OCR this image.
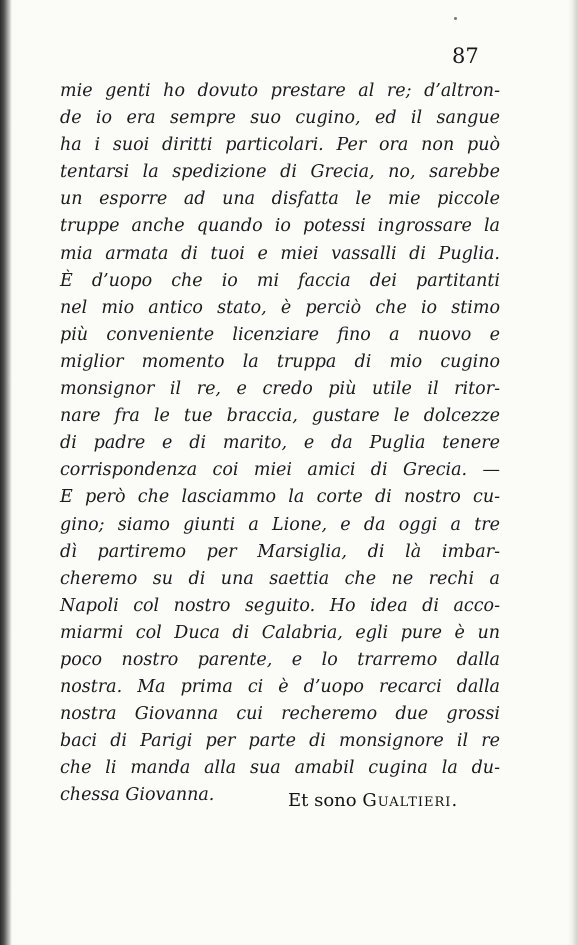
87
mie genti ho dovuto prestare al re; d’altron-
de io era sempre suo cugino, ed il sangue
ha i suoi diritti particolari. Per ora non può
tentarsi la spedizione di Grecia, no, sarebbe
un esporre ad una disfatta le mie piccole
truppe anche quando io potessi ingrossare la
mia armata di tuoi e miei vassalli di Puglia.
È d’uopo che io mi faccia dei partitanti
nel mio antico stato, è perciò che io stimo
più conveniente licenziare fino a nuovo e
miglior momento la truppa di mio cugino
monsignor il re, e credo più utile il ritor-
nare fra le tue braccia, gustare le dolcezze
di padre e di marito, e da Puglia tenere
corrispondenza coi miei amici di Grecia. —
E però che lasciammo la corte di nostro cu-
gino; siamo giunti a Lione, e da oggi a tre
dì partiremo per Marsiglia, di là imbar-
cheremo su di una saettia che ne rechi a
Napoli col nostro seguito. Ho idea di acco-
miarmi col Duca di Calabria, egli pure è un
poco nostro parente, e lo trarremo dalla
nostra. Ma prima ci è d’uopo recarci dalla
nostra Giovanna cui recheremo due grossi
baci di Parigi per parte di monsignore il re
che li manda alla sua amabil cugina la du-
chessa Giovanna.	Et sono Gualtieri.
